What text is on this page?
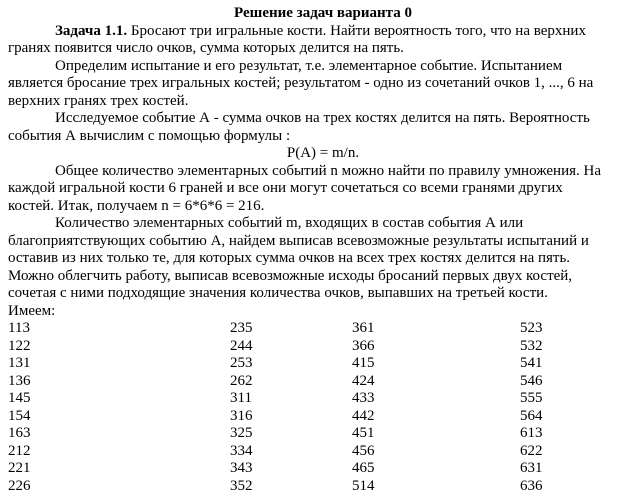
Решение задач варианта 0
Задача 1.1. Бросают три игральные кости. Найти вероятность того, что на верхних
гранях появится число очков, сумма которых делится на пять.
Определим испытание и его результат, т.е. элементарное событие. Испытанием
является бросание трех игральных костей; результатом - одно из сочетаний очков 1, ..., 6 на
верхних гранях трех костей.
Исследуемое событие А - сумма очков на трех костях делится на пять. Вероятность
события А вычислим с помощью формулы :
P(A) = m/n.
Общее количество элементарных событий n можно найти по правилу умножения. На
каждой игральной кости 6 граней и все они могут сочетаться со всеми гранями других
костей. Итак, получаем n = 6*6*6 = 216.
Количество элементарных событий m, входящих в состав события А или
благоприятствующих событию А, найдем выписав всевозможные результаты испытаний и
оставив из них только те, для которых сумма очков на всех трех костях делится на пять.
Можно облегчить работу, выписав всевозможные исходы бросаний первых двух костей,
сочетая с ними подходящие значения количества очков, выпавших на третьей кости.
Имеем:
113	235	361	523
122	244	366	532
131	253	415	541
136	262	424	546
145	311	433	555
154	316	442	564
163	325	451	613
212	334	456	622
221	343	465	631
226	352	514	636
